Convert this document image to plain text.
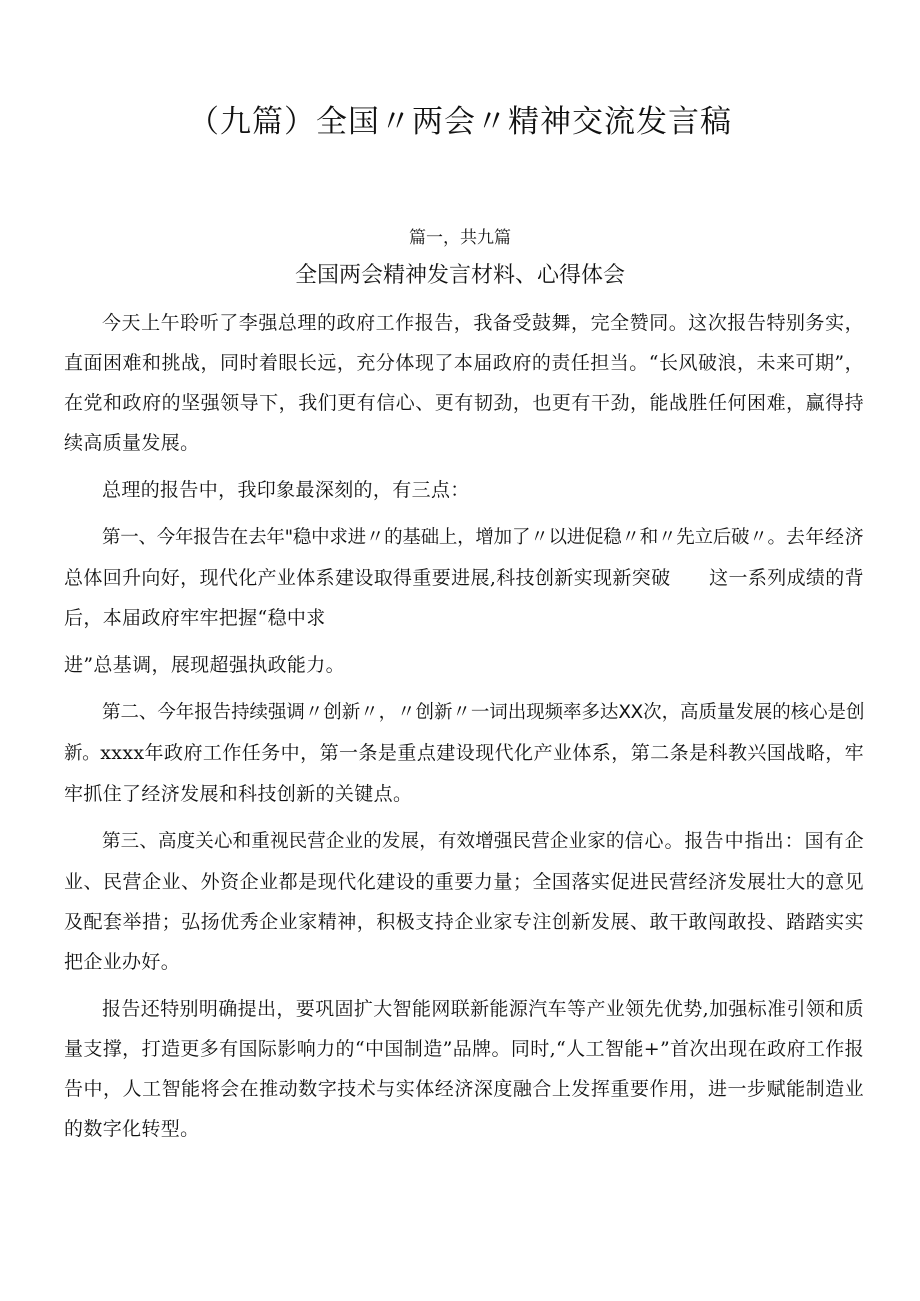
（九篇）全国〃两会〃精神交流发言稿
篇一，共九篇
全国两会精神发言材料、心得体会

今天上午聆听了李强总理的政府工作报告，我备受鼓舞，完全赞同。这次报告特别务实，直面困难和挑战，同时着眼长远，充分体现了本届政府的责任担当。“长风破浪，未来可期”，在党和政府的坚强领导下，我们更有信心、更有韧劲，也更有干劲，能战胜任何困难，赢得持续高质量发展。

总理的报告中，我印象最深刻的，有三点：

第一、今年报告在去年"稳中求进〃的基础上，增加了〃以进促稳〃和〃先立后破〃。去年经济总体回升向好，现代化产业体系建设取得重要进展,科技创新实现新突破　　这一系列成绩的背后，本届政府牢牢把握“稳中求

进”总基调，展现超强执政能力。

第二、今年报告持续强调〃创新〃，〃创新〃一词出现频率多达XX次，高质量发展的核心是创新。xxxx年政府工作任务中，第一条是重点建设现代化产业体系，第二条是科教兴国战略，牢牢抓住了经济发展和科技创新的关键点。

第三、高度关心和重视民营企业的发展，有效增强民营企业家的信心。报告中指出：国有企业、民营企业、外资企业都是现代化建设的重要力量；全国落实促进民营经济发展壮大的意见及配套举措；弘扬优秀企业家精神，积极支持企业家专注创新发展、敢干敢闯敢投、踏踏实实把企业办好。

报告还特别明确提出，要巩固扩大智能网联新能源汽车等产业领先优势,加强标准引领和质量支撑，打造更多有国际影响力的“中国制造”品牌。同时,“人工智能+”首次出现在政府工作报告中，人工智能将会在推动数字技术与实体经济深度融合上发挥重要作用，进一步赋能制造业的数字化转型。
